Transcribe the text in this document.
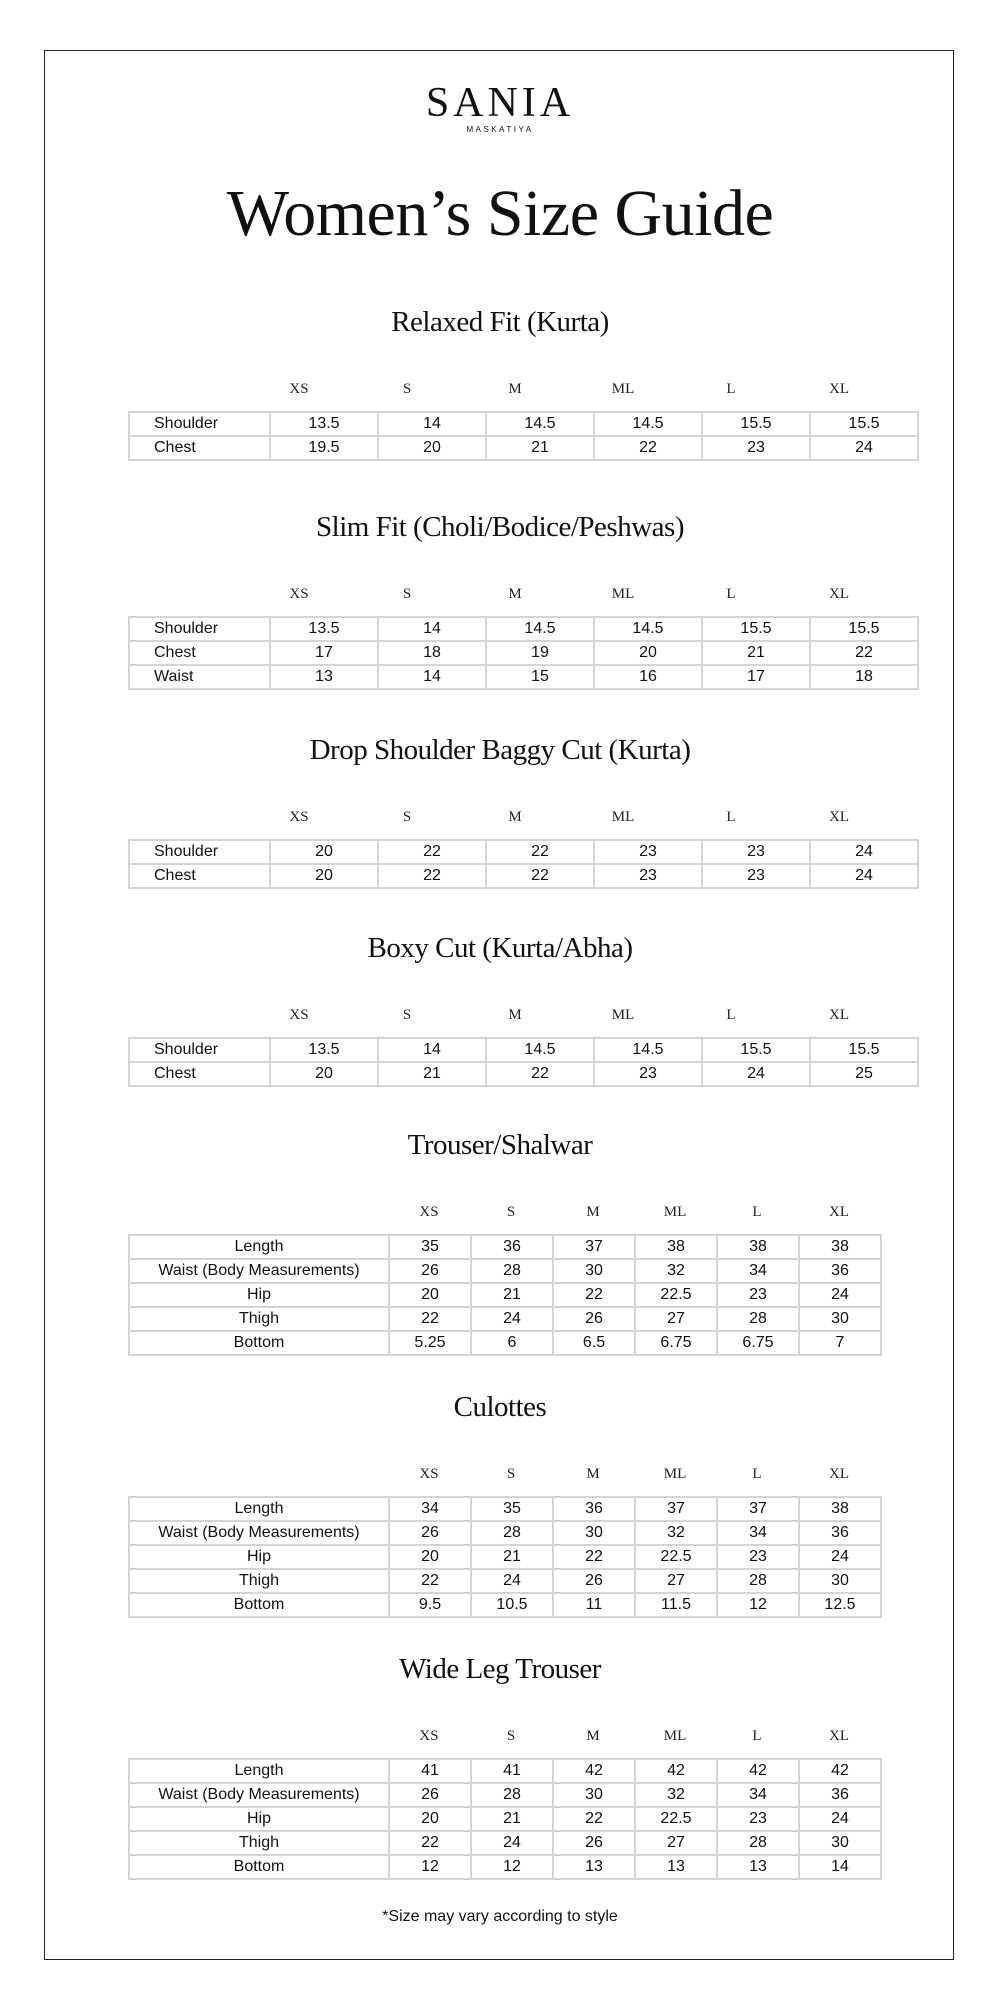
SANIA
MASKATIYA
Women’s Size Guide
Relaxed Fit (Kurta)
XS	S	M	ML	L	XL
Shoulder	13.5	14	14.5	14.5	15.5	15.5
Chest	19.5	20	21	22	23	24
Slim Fit (Choli/Bodice/Peshwas)
XS	S	M	ML	L	XL
Shoulder	13.5	14	14.5	14.5	15.5	15.5
Chest	17	18	19	20	21	22
Waist	13	14	15	16	17	18
Drop Shoulder Baggy Cut (Kurta)
XS	S	M	ML	L	XL
Shoulder	20	22	22	23	23	24
Chest	20	22	22	23	23	24
Boxy Cut (Kurta/Abha)
XS	S	M	ML	L	XL
Shoulder	13.5	14	14.5	14.5	15.5	15.5
Chest	20	21	22	23	24	25
Trouser/Shalwar
XS	S	M	ML	L	XL
Length	35	36	37	38	38	38
Waist (Body Measurements)	26	28	30	32	34	36
Hip	20	21	22	22.5	23	24
Thigh	22	24	26	27	28	30
Bottom	5.25	6	6.5	6.75	6.75	7
Culottes
XS	S	M	ML	L	XL
Length	34	35	36	37	37	38
Waist (Body Measurements)	26	28	30	32	34	36
Hip	20	21	22	22.5	23	24
Thigh	22	24	26	27	28	30
Bottom	9.5	10.5	11	11.5	12	12.5
Wide Leg Trouser
XS	S	M	ML	L	XL
Length	41	41	42	42	42	42
Waist (Body Measurements)	26	28	30	32	34	36
Hip	20	21	22	22.5	23	24
Thigh	22	24	26	27	28	30
Bottom	12	12	13	13	13	14
*Size may vary according to style
